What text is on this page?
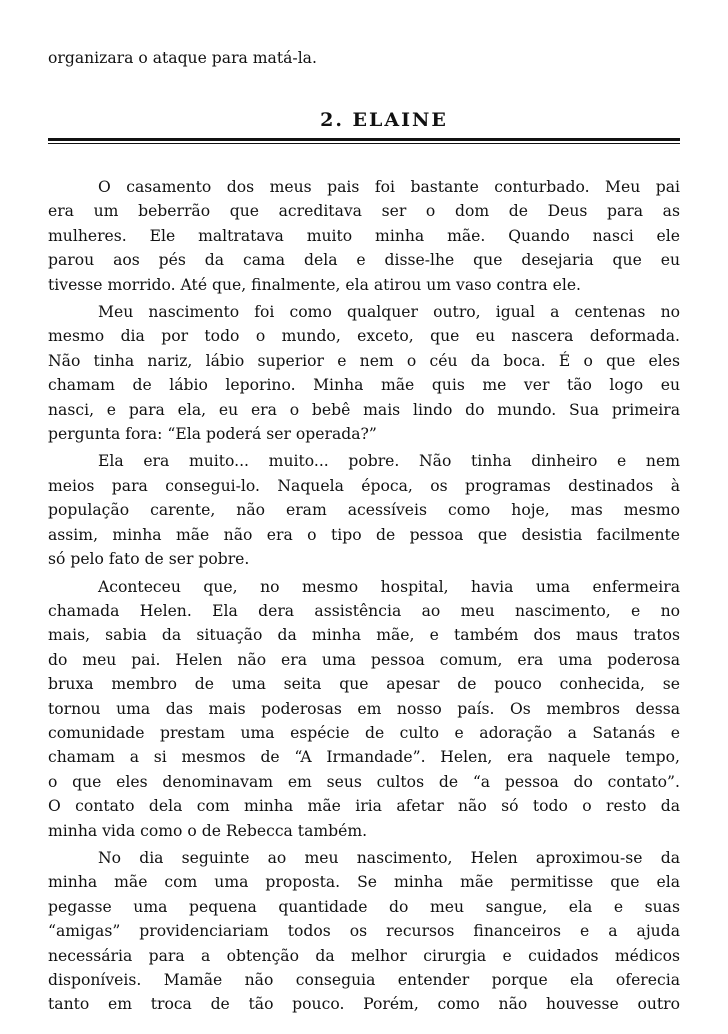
organizara o ataque para matá-la.

2. ELAINE

O casamento dos meus pais foi bastante conturbado. Meu pai
era um beberrão que acreditava ser o dom de Deus para as
mulheres. Ele maltratava muito minha mãe. Quando nasci ele
parou aos pés da cama dela e disse-lhe que desejaria que eu
tivesse morrido. Até que, finalmente, ela atirou um vaso contra ele.

Meu nascimento foi como qualquer outro, igual a centenas no
mesmo dia por todo o mundo, exceto, que eu nascera deformada.
Não tinha nariz, lábio superior e nem o céu da boca. É o que eles
chamam de lábio leporino. Minha mãe quis me ver tão logo eu
nasci, e para ela, eu era o bebê mais lindo do mundo. Sua primeira
pergunta fora: “Ela poderá ser operada?”

Ela era muito... muito... pobre. Não tinha dinheiro e nem
meios para consegui-lo. Naquela época, os programas destinados à
população carente, não eram acessíveis como hoje, mas mesmo
assim, minha mãe não era o tipo de pessoa que desistia facilmente
só pelo fato de ser pobre.

Aconteceu que, no mesmo hospital, havia uma enfermeira
chamada Helen. Ela dera assistência ao meu nascimento, e no
mais, sabia da situação da minha mãe, e também dos maus tratos
do meu pai. Helen não era uma pessoa comum, era uma poderosa
bruxa membro de uma seita que apesar de pouco conhecida, se
tornou uma das mais poderosas em nosso país. Os membros dessa
comunidade prestam uma espécie de culto e adoração a Satanás e
chamam a si mesmos de “A Irmandade”. Helen, era naquele tempo,
o que eles denominavam em seus cultos de “a pessoa do contato”.
O contato dela com minha mãe iria afetar não só todo o resto da
minha vida como o de Rebecca também.

No dia seguinte ao meu nascimento, Helen aproximou-se da
minha mãe com uma proposta. Se minha mãe permitisse que ela
pegasse uma pequena quantidade do meu sangue, ela e suas
“amigas” providenciariam todos os recursos financeiros e a ajuda
necessária para a obtenção da melhor cirurgia e cuidados médicos
disponíveis. Mamãe não conseguia entender porque ela oferecia
tanto em troca de tão pouco. Porém, como não houvesse outro
